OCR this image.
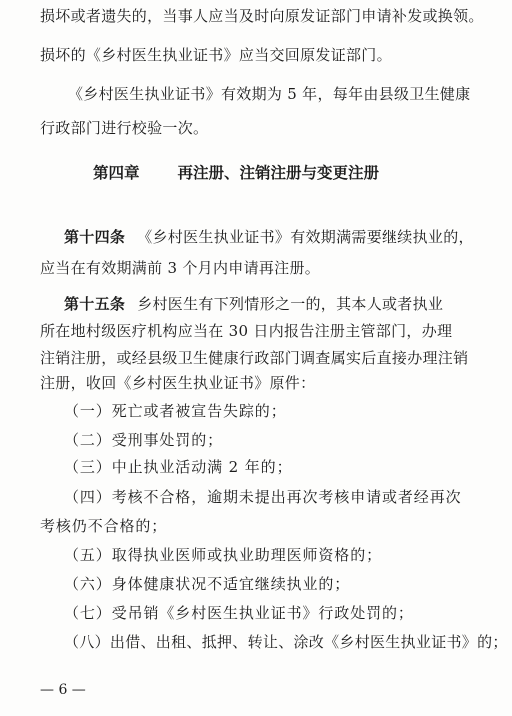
损坏或者遗失的，当事人应当及时向原发证部门申请补发或换领。
损坏的《乡村医生执业证书》应当交回原发证部门。
《乡村医生执业证书》有效期为 5 年，每年由县级卫生健康
行政部门进行校验一次。
第四章 再注册、注销注册与变更注册
第十四条 《乡村医生执业证书》有效期满需要继续执业的，
应当在有效期满前 3 个月内申请再注册。
第十五条 乡村医生有下列情形之一的，其本人或者执业
所在地村级医疗机构应当在 30 日内报告注册主管部门，办理
注销注册，或经县级卫生健康行政部门调查属实后直接办理注销
注册，收回《乡村医生执业证书》原件：
（一）死亡或者被宣告失踪的；
（二）受刑事处罚的；
（三）中止执业活动满 2 年的；
（四）考核不合格，逾期未提出再次考核申请或者经再次
考核仍不合格的；
（五）取得执业医师或执业助理医师资格的；
（六）身体健康状况不适宜继续执业的；
（七）受吊销《乡村医生执业证书》行政处罚的；
（八）出借、出租、抵押、转让、涂改《乡村医生执业证书》的；
— 6 —
